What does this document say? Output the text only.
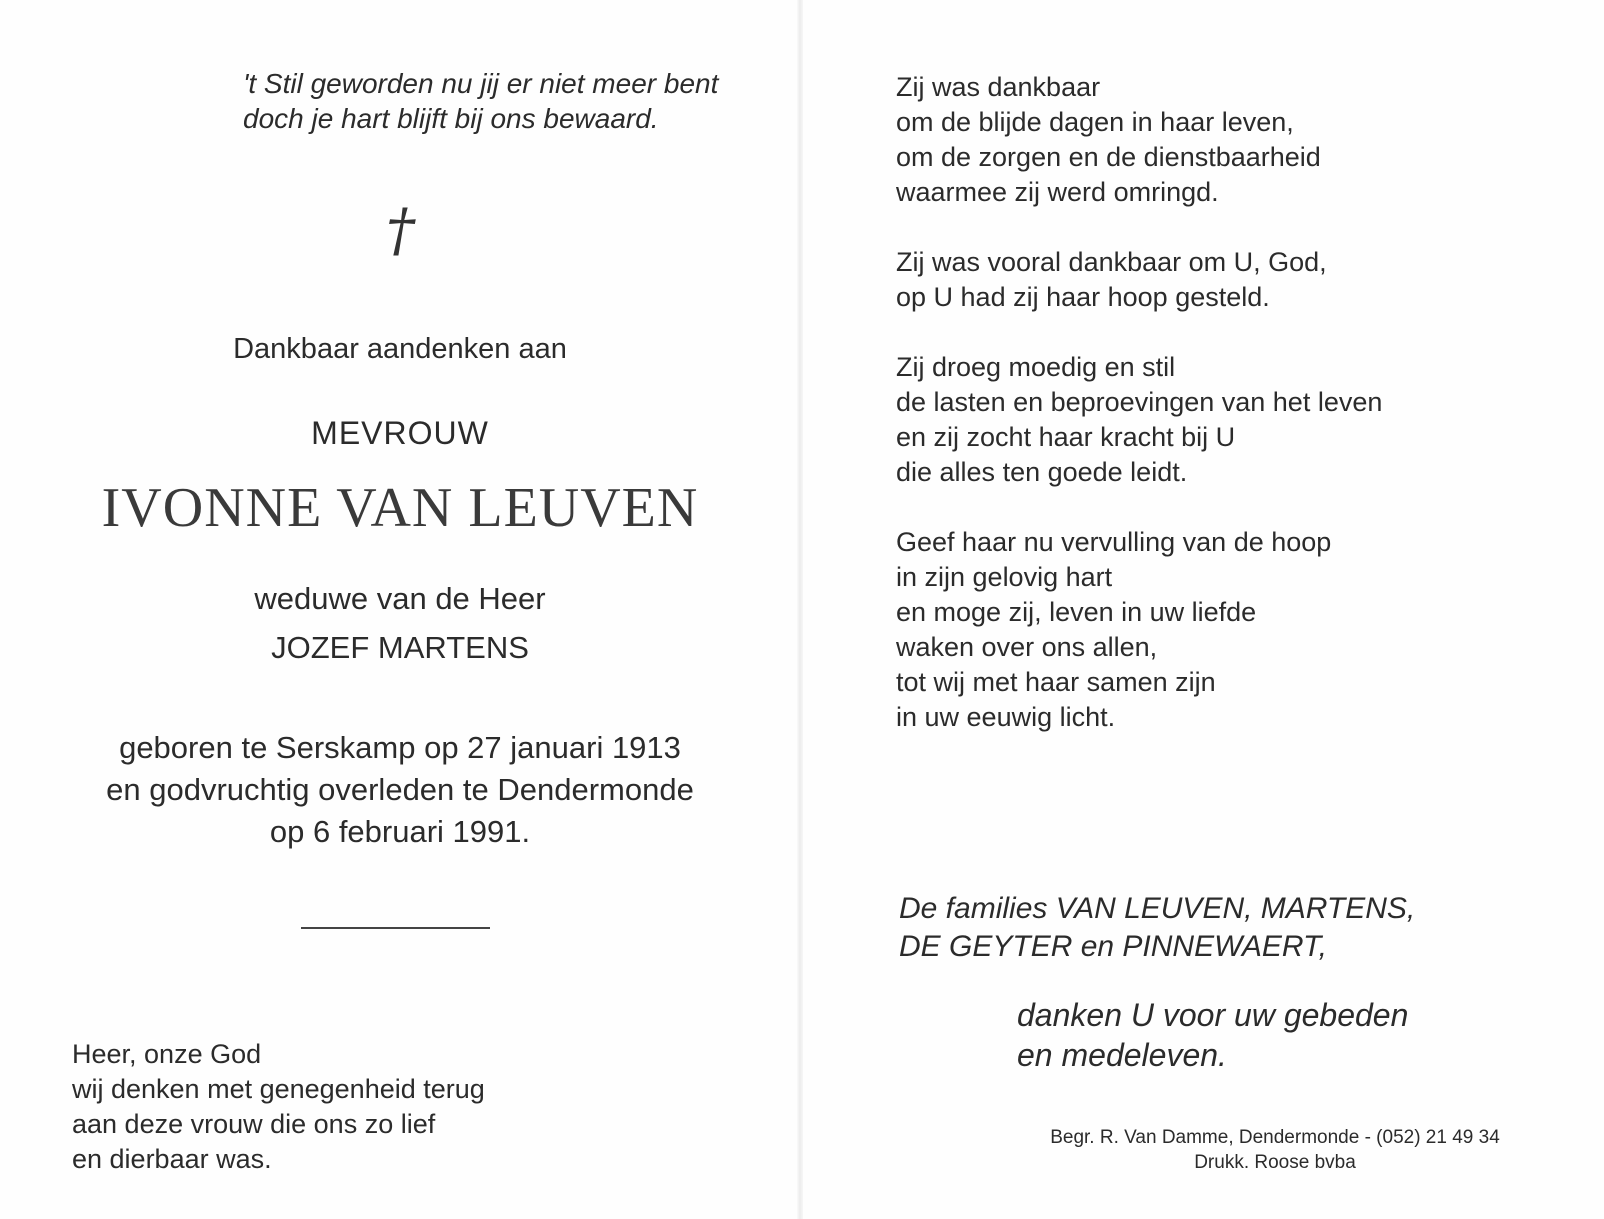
't Stil geworden nu jij er niet meer bent
doch je hart blijft bij ons bewaard.
†
Dankbaar aandenken aan
MEVROUW
IVONNE VAN LEUVEN
weduwe van de Heer
JOZEF MARTENS
geboren te Serskamp op 27 januari 1913
en godvruchtig overleden te Dendermonde
op 6 februari 1991.
Heer, onze God
wij denken met genegenheid terug
aan deze vrouw die ons zo lief
en dierbaar was.
Zij was dankbaar
om de blijde dagen in haar leven,
om de zorgen en de dienstbaarheid
waarmee zij werd omringd.
Zij was vooral dankbaar om U, God,
op U had zij haar hoop gesteld.
Zij droeg moedig en stil
de lasten en beproevingen van het leven
en zij zocht haar kracht bij U
die alles ten goede leidt.
Geef haar nu vervulling van de hoop
in zijn gelovig hart
en moge zij, leven in uw liefde
waken over ons allen,
tot wij met haar samen zijn
in uw eeuwig licht.
De families VAN LEUVEN, MARTENS,
DE GEYTER en PINNEWAERT,
danken U voor uw gebeden
en medeleven.
Begr. R. Van Damme, Dendermonde - (052) 21 49 34
Drukk. Roose bvba
